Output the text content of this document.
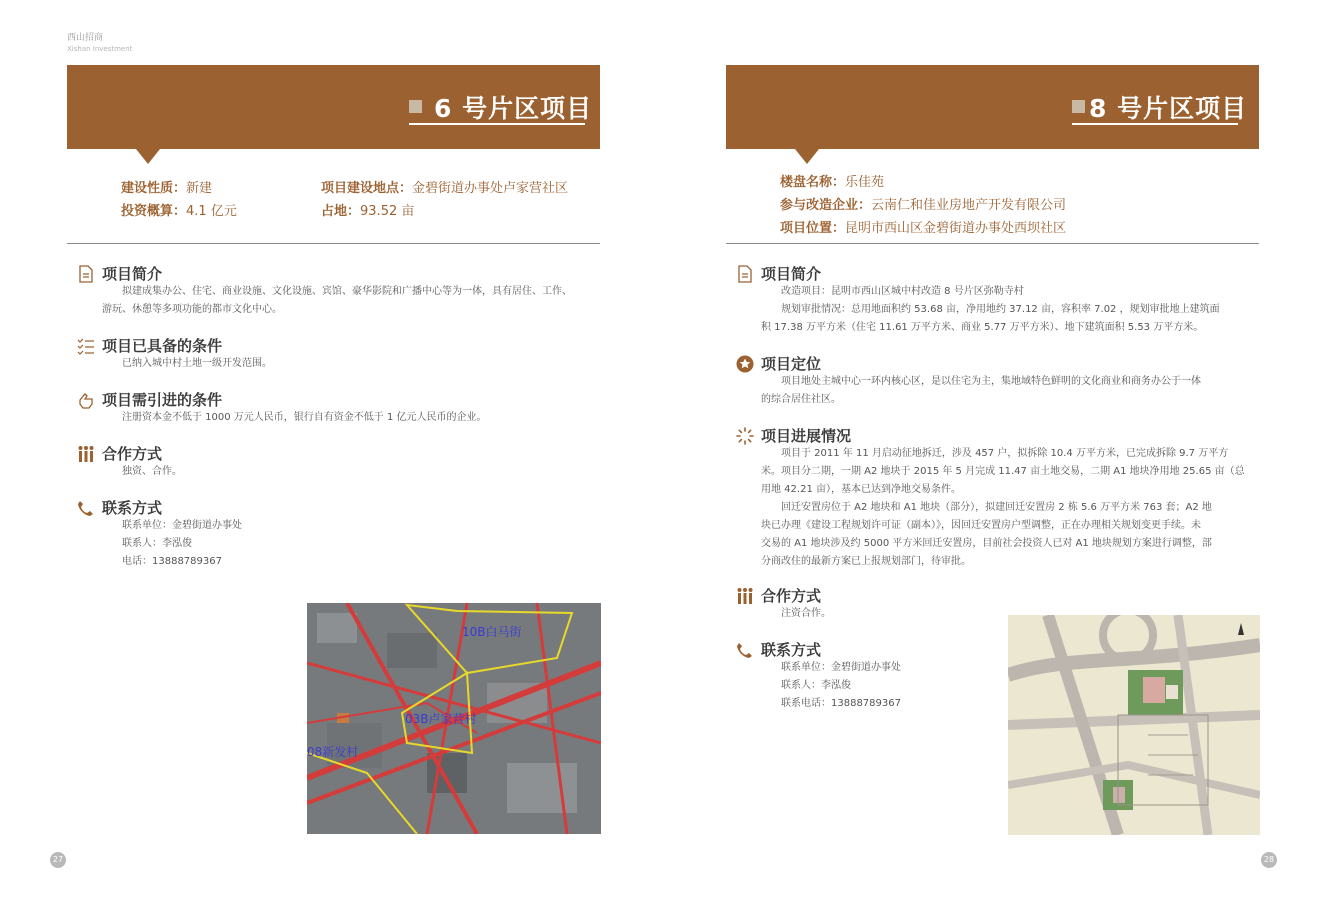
西山招商
Xishan Investment
6 号片区项目
建设性质：新建
投资概算：4.1 亿元
项目建设地点：金碧街道办事处卢家营社区
占地：93.52 亩
项目简介

拟建成集办公、住宅、商业设施、文化设施、宾馆、豪华影院和广播中心等为一体，具有居住、工作、

游玩、休憩等多项功能的都市文化中心。

项目已具备的条件

已纳入城中村土地一级开发范围。

项目需引进的条件

注册资本金不低于 1000 万元人民币，银行自有资金不低于 1 亿元人民币的企业。

合作方式

独资、合作。

联系方式

联系单位：金碧街道办事处

联系人：李泓俊

电话：13888789367

10B白马街
03B卢家营村
08新发村
27
8 号片区项目
楼盘名称：乐佳苑
参与改造企业：云南仁和佳业房地产开发有限公司
项目位置：昆明市西山区金碧街道办事处西坝社区
项目简介

改造项目：昆明市西山区城中村改造 8 号片区弥勒寺村

规划审批情况：总用地面积约 53.68 亩，净用地约 37.12 亩，容积率 7.02 ，规划审批地上建筑面

积 17.38 万平方米（住宅 11.61 万平方米、商业 5.77 万平方米）、地下建筑面积 5.53 万平方米。

项目定位

项目地处主城中心一环内核心区，是以住宅为主，集地域特色鲜明的文化商业和商务办公于一体

的综合居住社区。

项目进展情况

项目于 2011 年 11 月启动征地拆迁，涉及 457 户，拟拆除 10.4 万平方米，已完成拆除 9.7 万平方

米。项目分二期，一期 A2 地块于 2015 年 5 月完成 11.47 亩土地交易，二期 A1 地块净用地 25.65 亩（总

用地 42.21 亩），基本已达到净地交易条件。

回迁安置房位于 A2 地块和 A1 地块（部分），拟建回迁安置房 2 栋 5.6 万平方米 763 套；A2 地

块已办理《建设工程规划许可证（副本）》，因回迁安置房户型调整，正在办理相关规划变更手续。未

交易的 A1 地块涉及约 5000 平方米回迁安置房，目前社会投资人已对 A1 地块规划方案进行调整，部

分商改住的最新方案已上报规划部门，待审批。

合作方式

注资合作。

联系方式

联系单位：金碧街道办事处

联系人：李泓俊

联系电话：13888789367

28
